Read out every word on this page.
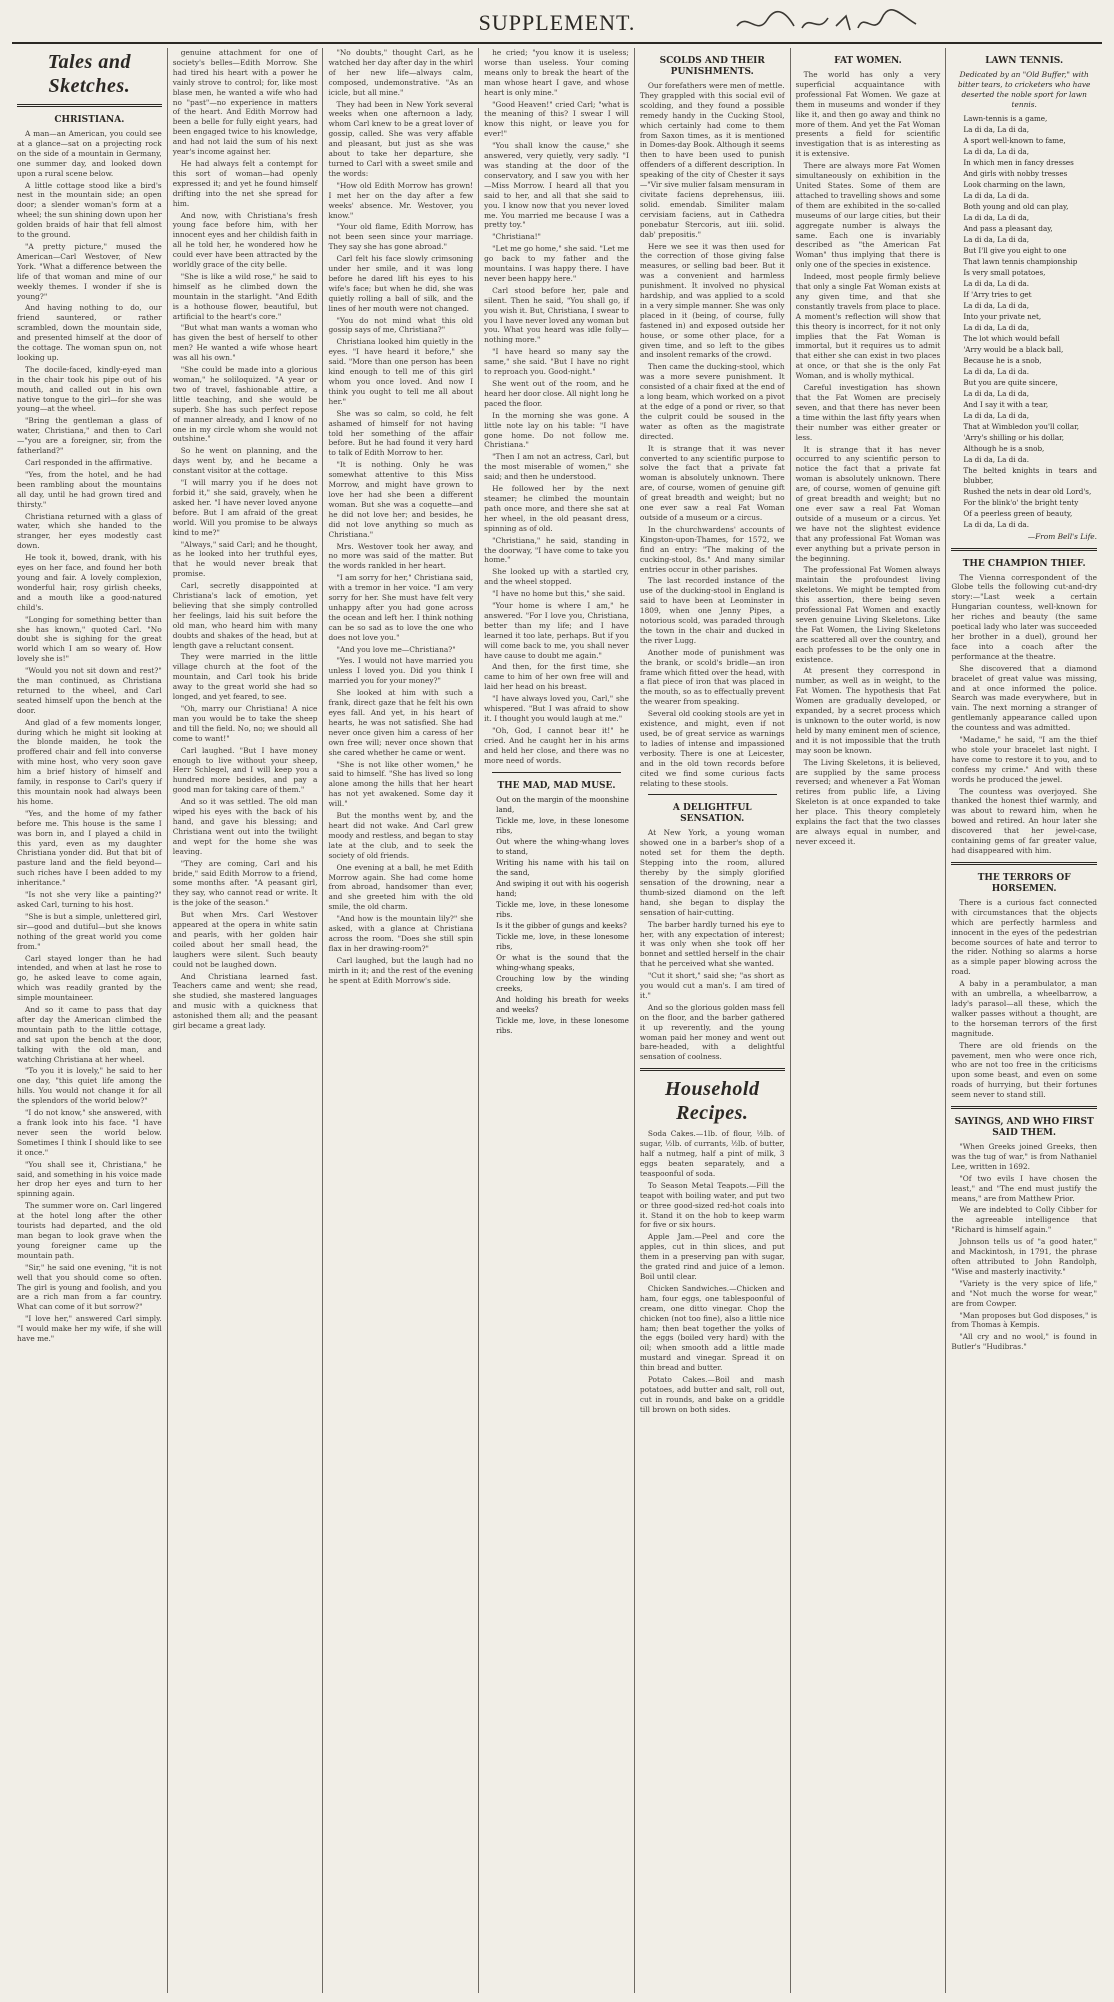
SUPPLEMENT.
Tales and Sketches.
CHRISTIANA.

A man—an American, you could see at a glance—sat on a projecting rock on the side of a mountain in Germany, one summer day, and looked down upon a rural scene below.

A little cottage stood like a bird's nest in the mountain side; an open door; a slender woman's form at a wheel; the sun shining down upon her golden braids of hair that fell almost to the ground.

"A pretty picture," mused the American—Carl Westover, of New York. "What a difference between the life of that woman and mine of our weekly themes. I wonder if she is young?"

And having nothing to do, our friend sauntered, or rather scrambled, down the mountain side, and presented himself at the door of the cottage. The woman spun on, not looking up.

The docile-faced, kindly-eyed man in the chair took his pipe out of his mouth, and called out in his own native tongue to the girl—for she was young—at the wheel.

"Bring the gentleman a glass of water, Christiana," and then to Carl—"you are a foreigner, sir, from the fatherland?"

Carl responded in the affirmative.

"Yes, from the hotel, and he had been rambling about the mountains all day, until he had grown tired and thirsty."

Christiana returned with a glass of water, which she handed to the stranger, her eyes modestly cast down.

He took it, bowed, drank, with his eyes on her face, and found her both young and fair. A lovely complexion, wonderful hair, rosy girlish cheeks, and a mouth like a good-natured child's.

"Longing for something better than she has known," quoted Carl. "No doubt she is sighing for the great world which I am so weary of. How lovely she is!"

"Would you not sit down and rest?" the man continued, as Christiana returned to the wheel, and Carl seated himself upon the bench at the door.

And glad of a few moments longer, during which he might sit looking at the blonde maiden, he took the proffered chair and fell into converse with mine host, who very soon gave him a brief history of himself and family, in response to Carl's query if this mountain nook had always been his home.

"Yes, and the home of my father before me. This house is the same I was born in, and I played a child in this yard, even as my daughter Christiana yonder did. But that bit of pasture land and the field beyond—such riches have I been added to my inheritance."

"Is not she very like a painting?" asked Carl, turning to his host.

"She is but a simple, unlettered girl, sir—good and dutiful—but she knows nothing of the great world you come from."

Carl stayed longer than he had intended, and when at last he rose to go, he asked leave to come again, which was readily granted by the simple mountaineer.

And so it came to pass that day after day the American climbed the mountain path to the little cottage, and sat upon the bench at the door, talking with the old man, and watching Christiana at her wheel.

"To you it is lovely," he said to her one day, "this quiet life among the hills. You would not change it for all the splendors of the world below?"

"I do not know," she answered, with a frank look into his face. "I have never seen the world below. Sometimes I think I should like to see it once."

"You shall see it, Christiana," he said, and something in his voice made her drop her eyes and turn to her spinning again.

The summer wore on. Carl lingered at the hotel long after the other tourists had departed, and the old man began to look grave when the young foreigner came up the mountain path.

"Sir," he said one evening, "it is not well that you should come so often. The girl is young and foolish, and you are a rich man from a far country. What can come of it but sorrow?"

"I love her," answered Carl simply. "I would make her my wife, if she will have me."

genuine attachment for one of society's belles—Edith Morrow. She had tired his heart with a power he vainly strove to control; for, like most blase men, he wanted a wife who had no "past"—no experience in matters of the heart. And Edith Morrow had been a belle for fully eight years, had been engaged twice to his knowledge, and had not laid the sum of his next year's income against her.

He had always felt a contempt for this sort of woman—had openly expressed it; and yet he found himself drifting into the net she spread for him.

And now, with Christiana's fresh young face before him, with her innocent eyes and her childish faith in all he told her, he wondered how he could ever have been attracted by the worldly grace of the city belle.

"She is like a wild rose," he said to himself as he climbed down the mountain in the starlight. "And Edith is a hothouse flower, beautiful, but artificial to the heart's core."

"But what man wants a woman who has given the best of herself to other men? He wanted a wife whose heart was all his own."

"She could be made into a glorious woman," he soliloquized. "A year or two of travel, fashionable attire, a little teaching, and she would be superb. She has such perfect repose of manner already, and I know of no one in my circle whom she would not outshine."

So he went on planning, and the days went by, and he became a constant visitor at the cottage.

"I will marry you if he does not forbid it," she said, gravely, when he asked her. "I have never loved anyone before. But I am afraid of the great world. Will you promise to be always kind to me?"

"Always," said Carl; and he thought, as he looked into her truthful eyes, that he would never break that promise.

Carl, secretly disappointed at Christiana's lack of emotion, yet believing that she simply controlled her feelings, laid his suit before the old man, who heard him with many doubts and shakes of the head, but at length gave a reluctant consent.

They were married in the little village church at the foot of the mountain, and Carl took his bride away to the great world she had so longed, and yet feared, to see.

"Oh, marry our Christiana! A nice man you would be to take the sheep and till the field. No, no; we should all come to want!"

Carl laughed. "But I have money enough to live without your sheep, Herr Schlegel, and I will keep you a hundred more besides, and pay a good man for taking care of them."

And so it was settled. The old man wiped his eyes with the back of his hand, and gave his blessing; and Christiana went out into the twilight and wept for the home she was leaving.

"They are coming, Carl and his bride," said Edith Morrow to a friend, some months after. "A peasant girl, they say, who cannot read or write. It is the joke of the season."

But when Mrs. Carl Westover appeared at the opera in white satin and pearls, with her golden hair coiled about her small head, the laughers were silent. Such beauty could not be laughed down.

And Christiana learned fast. Teachers came and went; she read, she studied, she mastered languages and music with a quickness that astonished them all; and the peasant girl became a great lady.

"No doubts," thought Carl, as he watched her day after day in the whirl of her new life—always calm, composed, undemonstrative. "As an icicle, but all mine."

They had been in New York several weeks when one afternoon a lady, whom Carl knew to be a great lover of gossip, called. She was very affable and pleasant, but just as she was about to take her departure, she turned to Carl with a sweet smile and the words:

"How old Edith Morrow has grown! I met her on the day after a few weeks' absence. Mr. Westover, you know."

"Your old flame, Edith Morrow, has not been seen since your marriage. They say she has gone abroad."

Carl felt his face slowly crimsoning under her smile, and it was long before he dared lift his eyes to his wife's face; but when he did, she was quietly rolling a ball of silk, and the lines of her mouth were not changed.

"You do not mind what this old gossip says of me, Christiana?"

Christiana looked him quietly in the eyes. "I have heard it before," she said. "More than one person has been kind enough to tell me of this girl whom you once loved. And now I think you ought to tell me all about her."

She was so calm, so cold, he felt ashamed of himself for not having told her something of the affair before. But he had found it very hard to talk of Edith Morrow to her.

"It is nothing. Only he was somewhat attentive to this Miss Morrow, and might have grown to love her had she been a different woman. But she was a coquette—and he did not love her; and besides, he did not love anything so much as Christiana."

Mrs. Westover took her away, and no more was said of the matter. But the words rankled in her heart.

"I am sorry for her," Christiana said, with a tremor in her voice. "I am very sorry for her. She must have felt very unhappy after you had gone across the ocean and left her. I think nothing can be so sad as to love the one who does not love you."

"And you love me—Christiana?"

"Yes. I would not have married you unless I loved you. Did you think I married you for your money?"

She looked at him with such a frank, direct gaze that he felt his own eyes fall. And yet, in his heart of hearts, he was not satisfied. She had never once given him a caress of her own free will; never once shown that she cared whether he came or went.

"She is not like other women," he said to himself. "She has lived so long alone among the hills that her heart has not yet awakened. Some day it will."

But the months went by, and the heart did not wake. And Carl grew moody and restless, and began to stay late at the club, and to seek the society of old friends.

One evening at a ball, he met Edith Morrow again. She had come home from abroad, handsomer than ever, and she greeted him with the old smile, the old charm.

"And how is the mountain lily?" she asked, with a glance at Christiana across the room. "Does she still spin flax in her drawing-room?"

Carl laughed, but the laugh had no mirth in it; and the rest of the evening he spent at Edith Morrow's side.

he cried; "you know it is useless; worse than useless. Your coming means only to break the heart of the man whose heart I gave, and whose heart is only mine."

"Good Heaven!" cried Carl; "what is the meaning of this? I swear I will know this night, or leave you for ever!"

"You shall know the cause," she answered, very quietly, very sadly. "I was standing at the door of the conservatory, and I saw you with her—Miss Morrow. I heard all that you said to her, and all that she said to you. I know now that you never loved me. You married me because I was a pretty toy."

"Christiana!"

"Let me go home," she said. "Let me go back to my father and the mountains. I was happy there. I have never been happy here."

Carl stood before her, pale and silent. Then he said, "You shall go, if you wish it. But, Christiana, I swear to you I have never loved any woman but you. What you heard was idle folly—nothing more."

"I have heard so many say the same," she said. "But I have no right to reproach you. Good-night."

She went out of the room, and he heard her door close. All night long he paced the floor.

In the morning she was gone. A little note lay on his table: "I have gone home. Do not follow me. Christiana."

"Then I am not an actress, Carl, but the most miserable of women," she said; and then he understood.

He followed her by the next steamer; he climbed the mountain path once more, and there she sat at her wheel, in the old peasant dress, spinning as of old.

"Christiana," he said, standing in the doorway, "I have come to take you home."

She looked up with a startled cry, and the wheel stopped.

"I have no home but this," she said.

"Your home is where I am," he answered. "For I love you, Christiana, better than my life; and I have learned it too late, perhaps. But if you will come back to me, you shall never have cause to doubt me again."

And then, for the first time, she came to him of her own free will and laid her head on his breast.

"I have always loved you, Carl," she whispered. "But I was afraid to show it. I thought you would laugh at me."

"Oh, God, I cannot bear it!" he cried. And he caught her in his arms and held her close, and there was no more need of words.

THE MAD, MAD MUSE.
Out on the margin of the moonshine land,
Tickle me, love, in these lonesome ribs,
Out where the whing-whang loves to stand,
Writing his name with his tail on the sand,
And swiping it out with his oogerish hand;
Tickle me, love, in these lonesome ribs.
Is it the gibber of gungs and keeks?
Tickle me, love, in these lonesome ribs,
Or what is the sound that the whing-whang speaks,
Crouching low by the winding creeks,
And holding his breath for weeks and weeks?
Tickle me, love, in these lonesome ribs.
SCOLDS AND THEIR PUNISHMENTS.

Our forefathers were men of mettle. They grappled with this social evil of scolding, and they found a possible remedy handy in the Cucking Stool, which certainly had come to them from Saxon times, as it is mentioned in Domes-day Book. Although it seems then to have been used to punish offenders of a different description. In speaking of the city of Chester it says—"Vir sive mulier falsam mensuram in civitate faciens deprehensus, iiii. solid. emendab. Similiter malam cervisiam faciens, aut in Cathedra ponebatur Stercoris, aut iiii. solid. dab' prepositis."

Here we see it was then used for the correction of those giving false measures, or selling bad beer. But it was a convenient and harmless punishment. It involved no physical hardship, and was applied to a scold in a very simple manner. She was only placed in it (being, of course, fully fastened in) and exposed outside her house, or some other place, for a given time, and so left to the gibes and insolent remarks of the crowd.

Then came the ducking-stool, which was a more severe punishment. It consisted of a chair fixed at the end of a long beam, which worked on a pivot at the edge of a pond or river, so that the culprit could be soused in the water as often as the magistrate directed.

It is strange that it was never converted to any scientific purpose to solve the fact that a private fat woman is absolutely unknown. There are, of course, women of genuine gift of great breadth and weight; but no one ever saw a real Fat Woman outside of a museum or a circus.

In the churchwardens' accounts of Kingston-upon-Thames, for 1572, we find an entry: "The making of the cucking-stool, 8s." And many similar entries occur in other parishes.

The last recorded instance of the use of the ducking-stool in England is said to have been at Leominster in 1809, when one Jenny Pipes, a notorious scold, was paraded through the town in the chair and ducked in the river Lugg.

Another mode of punishment was the brank, or scold's bridle—an iron frame which fitted over the head, with a flat piece of iron that was placed in the mouth, so as to effectually prevent the wearer from speaking.

Several old cooking stools are yet in existence, and might, even if not used, be of great service as warnings to ladies of intense and impassioned verbosity. There is one at Leicester, and in the old town records before cited we find some curious facts relating to these stools.

A DELIGHTFUL SENSATION.

At New York, a young woman showed one in a barber's shop of a noted set for them the depth. Stepping into the room, allured thereby by the simply glorified sensation of the drowning, near a thumb-sized diamond on the left hand, she began to display the sensation of hair-cutting.

The barber hardly turned his eye to her, with any expectation of interest; it was only when she took off her bonnet and settled herself in the chair that he perceived what she wanted.

"Cut it short," said she; "as short as you would cut a man's. I am tired of it."

And so the glorious golden mass fell on the floor, and the barber gathered it up reverently, and the young woman paid her money and went out bare-headed, with a delightful sensation of coolness.

Household Recipes.

Soda Cakes.—1lb. of flour, ½lb. of sugar, ½lb. of currants, ½lb. of butter, half a nutmeg, half a pint of milk, 3 eggs beaten separately, and a teaspoonful of soda.

To Season Metal Teapots.—Fill the teapot with boiling water, and put two or three good-sized red-hot coals into it. Stand it on the hob to keep warm for five or six hours.

Apple Jam.—Peel and core the apples, cut in thin slices, and put them in a preserving pan with sugar, the grated rind and juice of a lemon. Boil until clear.

Chicken Sandwiches.—Chicken and ham, four eggs, one tablespoonful of cream, one ditto vinegar. Chop the chicken (not too fine), also a little nice ham; then beat together the yolks of the eggs (boiled very hard) with the oil; when smooth add a little made mustard and vinegar. Spread it on thin bread and butter.

Potato Cakes.—Boil and mash potatoes, add butter and salt, roll out, cut in rounds, and bake on a griddle till brown on both sides.

FAT WOMEN.

The world has only a very superficial acquaintance with professional Fat Women. We gaze at them in museums and wonder if they like it, and then go away and think no more of them. And yet the Fat Woman presents a field for scientific investigation that is as interesting as it is extensive.

There are always more Fat Women simultaneously on exhibition in the United States. Some of them are attached to travelling shows and some of them are exhibited in the so-called museums of our large cities, but their aggregate number is always the same. Each one is invariably described as "the American Fat Woman" thus implying that there is only one of the species in existence.

Indeed, most people firmly believe that only a single Fat Woman exists at any given time, and that she constantly travels from place to place. A moment's reflection will show that this theory is incorrect, for it not only implies that the Fat Woman is immortal, but it requires us to admit that either she can exist in two places at once, or that she is the only Fat Woman, and is wholly mythical.

Careful investigation has shown that the Fat Women are precisely seven, and that there has never been a time within the last fifty years when their number was either greater or less.

It is strange that it has never occurred to any scientific person to notice the fact that a private fat woman is absolutely unknown. There are, of course, women of genuine gift of great breadth and weight; but no one ever saw a real Fat Woman outside of a museum or a circus. Yet we have not the slightest evidence that any professional Fat Woman was ever anything but a private person in the beginning.

The professional Fat Women always maintain the profoundest living skeletons. We might be tempted from this assertion, there being seven professional Fat Women and exactly seven genuine Living Skeletons. Like the Fat Women, the Living Skeletons are scattered all over the country, and each professes to be the only one in existence.

At present they correspond in number, as well as in weight, to the Fat Women. The hypothesis that Fat Women are gradually developed, or expanded, by a secret process which is unknown to the outer world, is now held by many eminent men of science, and it is not impossible that the truth may soon be known.

The Living Skeletons, it is believed, are supplied by the same process reversed; and whenever a Fat Woman retires from public life, a Living Skeleton is at once expanded to take her place. This theory completely explains the fact that the two classes are always equal in number, and never exceed it.

LAWN TENNIS.
Dedicated by an "Old Buffer," with bitter tears, to cricketers who have deserted the noble sport for lawn tennis.
Lawn-tennis is a game,
La di da, La di da,
A sport well-known to fame,
La di da, La di da,
In which men in fancy dresses
And girls with nobby tresses
Look charming on the lawn,
La di da, La di da.
Both young and old can play,
La di da, La di da,
And pass a pleasant day,
La di da, La di da,
But I'll give you eight to one
That lawn tennis championship
Is very small potatoes,
La di da, La di da.
If 'Arry tries to get
La di da, La di da,
Into your private net,
La di da, La di da,
The lot which would befall
'Arry would be a black ball,
Because he is a snob,
La di da, La di da.
But you are quite sincere,
La di da, La di da,
And I say it with a tear,
La di da, La di da,
That at Wimbledon you'll collar,
'Arry's shilling or his dollar,
Although he is a snob,
La di da, La di da.
The belted knights in tears and blubber,
Rushed the nets in dear old Lord's,
For the blink'o' the bright tenty
Of a peerless green of beauty,
La di da, La di da.
—From Bell's Life.
THE CHAMPION THIEF.

The Vienna correspondent of the Globe tells the following cut-and-dry story:—"Last week a certain Hungarian countess, well-known for her riches and beauty (the same poetical lady who later was succeeded her brother in a duel), ground her face into a coach after the performance at the theatre.

She discovered that a diamond bracelet of great value was missing, and at once informed the police. Search was made everywhere, but in vain. The next morning a stranger of gentlemanly appearance called upon the countess and was admitted.

"Madame," he said, "I am the thief who stole your bracelet last night. I have come to restore it to you, and to confess my crime." And with these words he produced the jewel.

The countess was overjoyed. She thanked the honest thief warmly, and was about to reward him, when he bowed and retired. An hour later she discovered that her jewel-case, containing gems of far greater value, had disappeared with him.

THE TERRORS OF HORSEMEN.

There is a curious fact connected with circumstances that the objects which are perfectly harmless and innocent in the eyes of the pedestrian become sources of hate and terror to the rider. Nothing so alarms a horse as a simple paper blowing across the road.

A baby in a perambulator, a man with an umbrella, a wheelbarrow, a lady's parasol—all these, which the walker passes without a thought, are to the horseman terrors of the first magnitude.

There are old friends on the pavement, men who were once rich, who are not too free in the criticisms upon some beast, and even on some roads of hurrying, but their fortunes seem never to stand still.

SAYINGS, AND WHO FIRST SAID THEM.

"When Greeks joined Greeks, then was the tug of war," is from Nathaniel Lee, written in 1692.

"Of two evils I have chosen the least," and "The end must justify the means," are from Matthew Prior.

We are indebted to Colly Cibber for the agreeable intelligence that "Richard is himself again."

Johnson tells us of "a good hater," and Mackintosh, in 1791, the phrase often attributed to John Randolph, "Wise and masterly inactivity."

"Variety is the very spice of life," and "Not much the worse for wear," are from Cowper.

"Man proposes but God disposes," is from Thomas à Kempis.

"All cry and no wool," is found in Butler's "Hudibras."
